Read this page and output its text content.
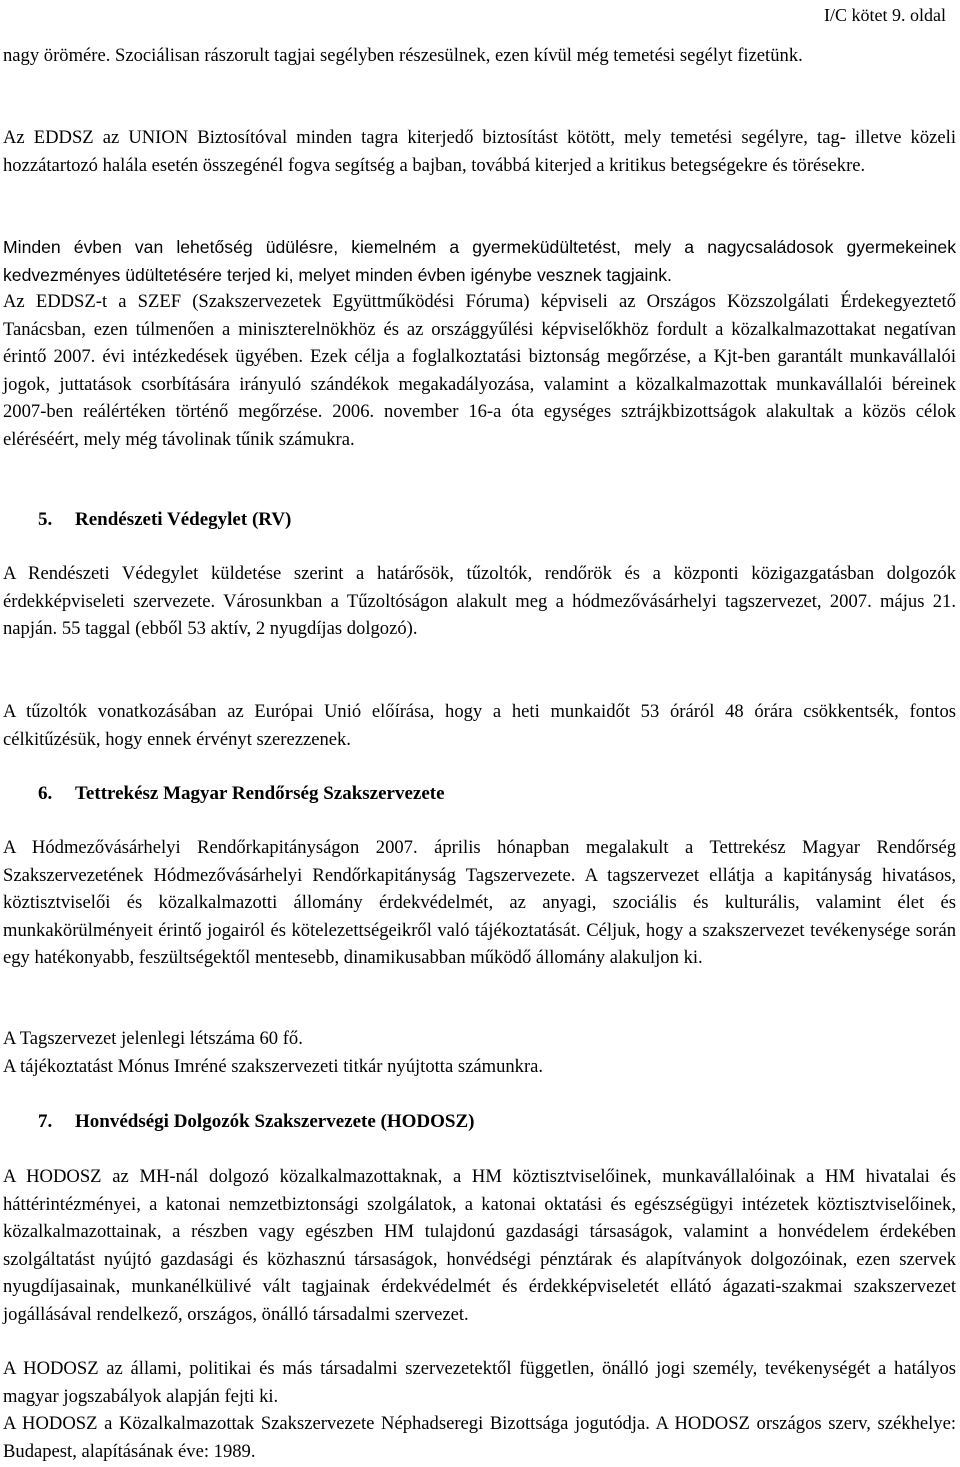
I/C kötet 9. oldal

nagy örömére. Szociálisan rászorult tagjai segélyben részesülnek, ezen kívül még temetési segélyt fizetünk.

Az EDDSZ az UNION Biztosítóval minden tagra kiterjedő biztosítást kötött, mely temetési segélyre, tag- illetve közeli hozzátartozó halála esetén összegénél fogva segítség a bajban, továbbá kiterjed a kritikus betegségekre és törésekre.

Minden évben van lehetőség üdülésre, kiemelném a gyermeküdültetést, mely a nagycsaládosok gyermekeinek kedvezményes üdültetésére terjed ki, melyet minden évben igénybe vesznek tagjaink.

Az EDDSZ-t a SZEF (Szakszervezetek Együttműködési Fóruma) képviseli az Országos Közszolgálati Érdekegyeztető Tanácsban, ezen túlmenően a miniszterelnökhöz és az országgyűlési képviselőkhöz fordult a közalkalmazottakat negatívan érintő 2007. évi intézkedések ügyében. Ezek célja a foglalkoztatási biztonság megőrzése, a Kjt-ben garantált munkavállalói jogok, juttatások csorbítására irányuló szándékok megakadályozása, valamint a közalkalmazottak munkavállalói béreinek 2007-ben reálértéken történő megőrzése. 2006. november 16-a óta egységes sztrájkbizottságok alakultak a közös célok eléréséért, mely még távolinak tűnik számukra.

5. Rendészeti Védegylet (RV)

A Rendészeti Védegylet küldetése szerint a határősök, tűzoltók, rendőrök és a központi közigazgatásban dolgozók érdekképviseleti szervezete. Városunkban a Tűzoltóságon alakult meg a hódmezővásárhelyi tagszervezet, 2007. május 21. napján. 55 taggal (ebből 53 aktív, 2 nyugdíjas dolgozó).

A tűzoltók vonatkozásában az Európai Unió előírása, hogy a heti munkaidőt 53 óráról 48 órára csökkentsék, fontos célkitűzésük, hogy ennek érvényt szerezzenek.

6. Tettrekész Magyar Rendőrség Szakszervezete

A Hódmezővásárhelyi Rendőrkapitányságon 2007. április hónapban megalakult a Tettrekész Magyar Rendőrség Szakszervezetének Hódmezővásárhelyi Rendőrkapitányság Tagszervezete. A tagszervezet ellátja a kapitányság hivatásos, köztisztviselői és közalkalmazotti állomány érdekvédelmét, az anyagi, szociális és kulturális, valamint élet és munkakörülményeit érintő jogairól és kötelezettségeikről való tájékoztatását. Céljuk, hogy a szakszervezet tevékenysége során egy hatékonyabb, feszültségektől mentesebb, dinamikusabban működő állomány alakuljon ki.

A Tagszervezet jelenlegi létszáma 60 fő.

A tájékoztatást Mónus Imréné szakszervezeti titkár nyújtotta számunkra.

7. Honvédségi Dolgozók Szakszervezete (HODOSZ)

A HODOSZ az MH-nál dolgozó közalkalmazottaknak, a HM köztisztviselőinek, munkavállalóinak a HM hivatalai és háttérintézményei, a katonai nemzetbiztonsági szolgálatok, a katonai oktatási és egészségügyi intézetek köztisztviselőinek, közalkalmazottainak, a részben vagy egészben HM tulajdonú gazdasági társaságok, valamint a honvédelem érdekében szolgáltatást nyújtó gazdasági és közhasznú társaságok, honvédségi pénztárak és alapítványok dolgozóinak, ezen szervek nyugdíjasainak, munkanélkülivé vált tagjainak érdekvédelmét és érdekképviseletét ellátó ágazati-szakmai szakszervezet jogállásával rendelkező, országos, önálló társadalmi szervezet.

A HODOSZ az állami, politikai és más társadalmi szervezetektől független, önálló jogi személy, tevékenységét a hatályos magyar jogszabályok alapján fejti ki.

A HODOSZ a Közalkalmazottak Szakszervezete Néphadseregi Bizottsága jogutódja. A HODOSZ országos szerv, székhelye: Budapest, alapításának éve: 1989.
